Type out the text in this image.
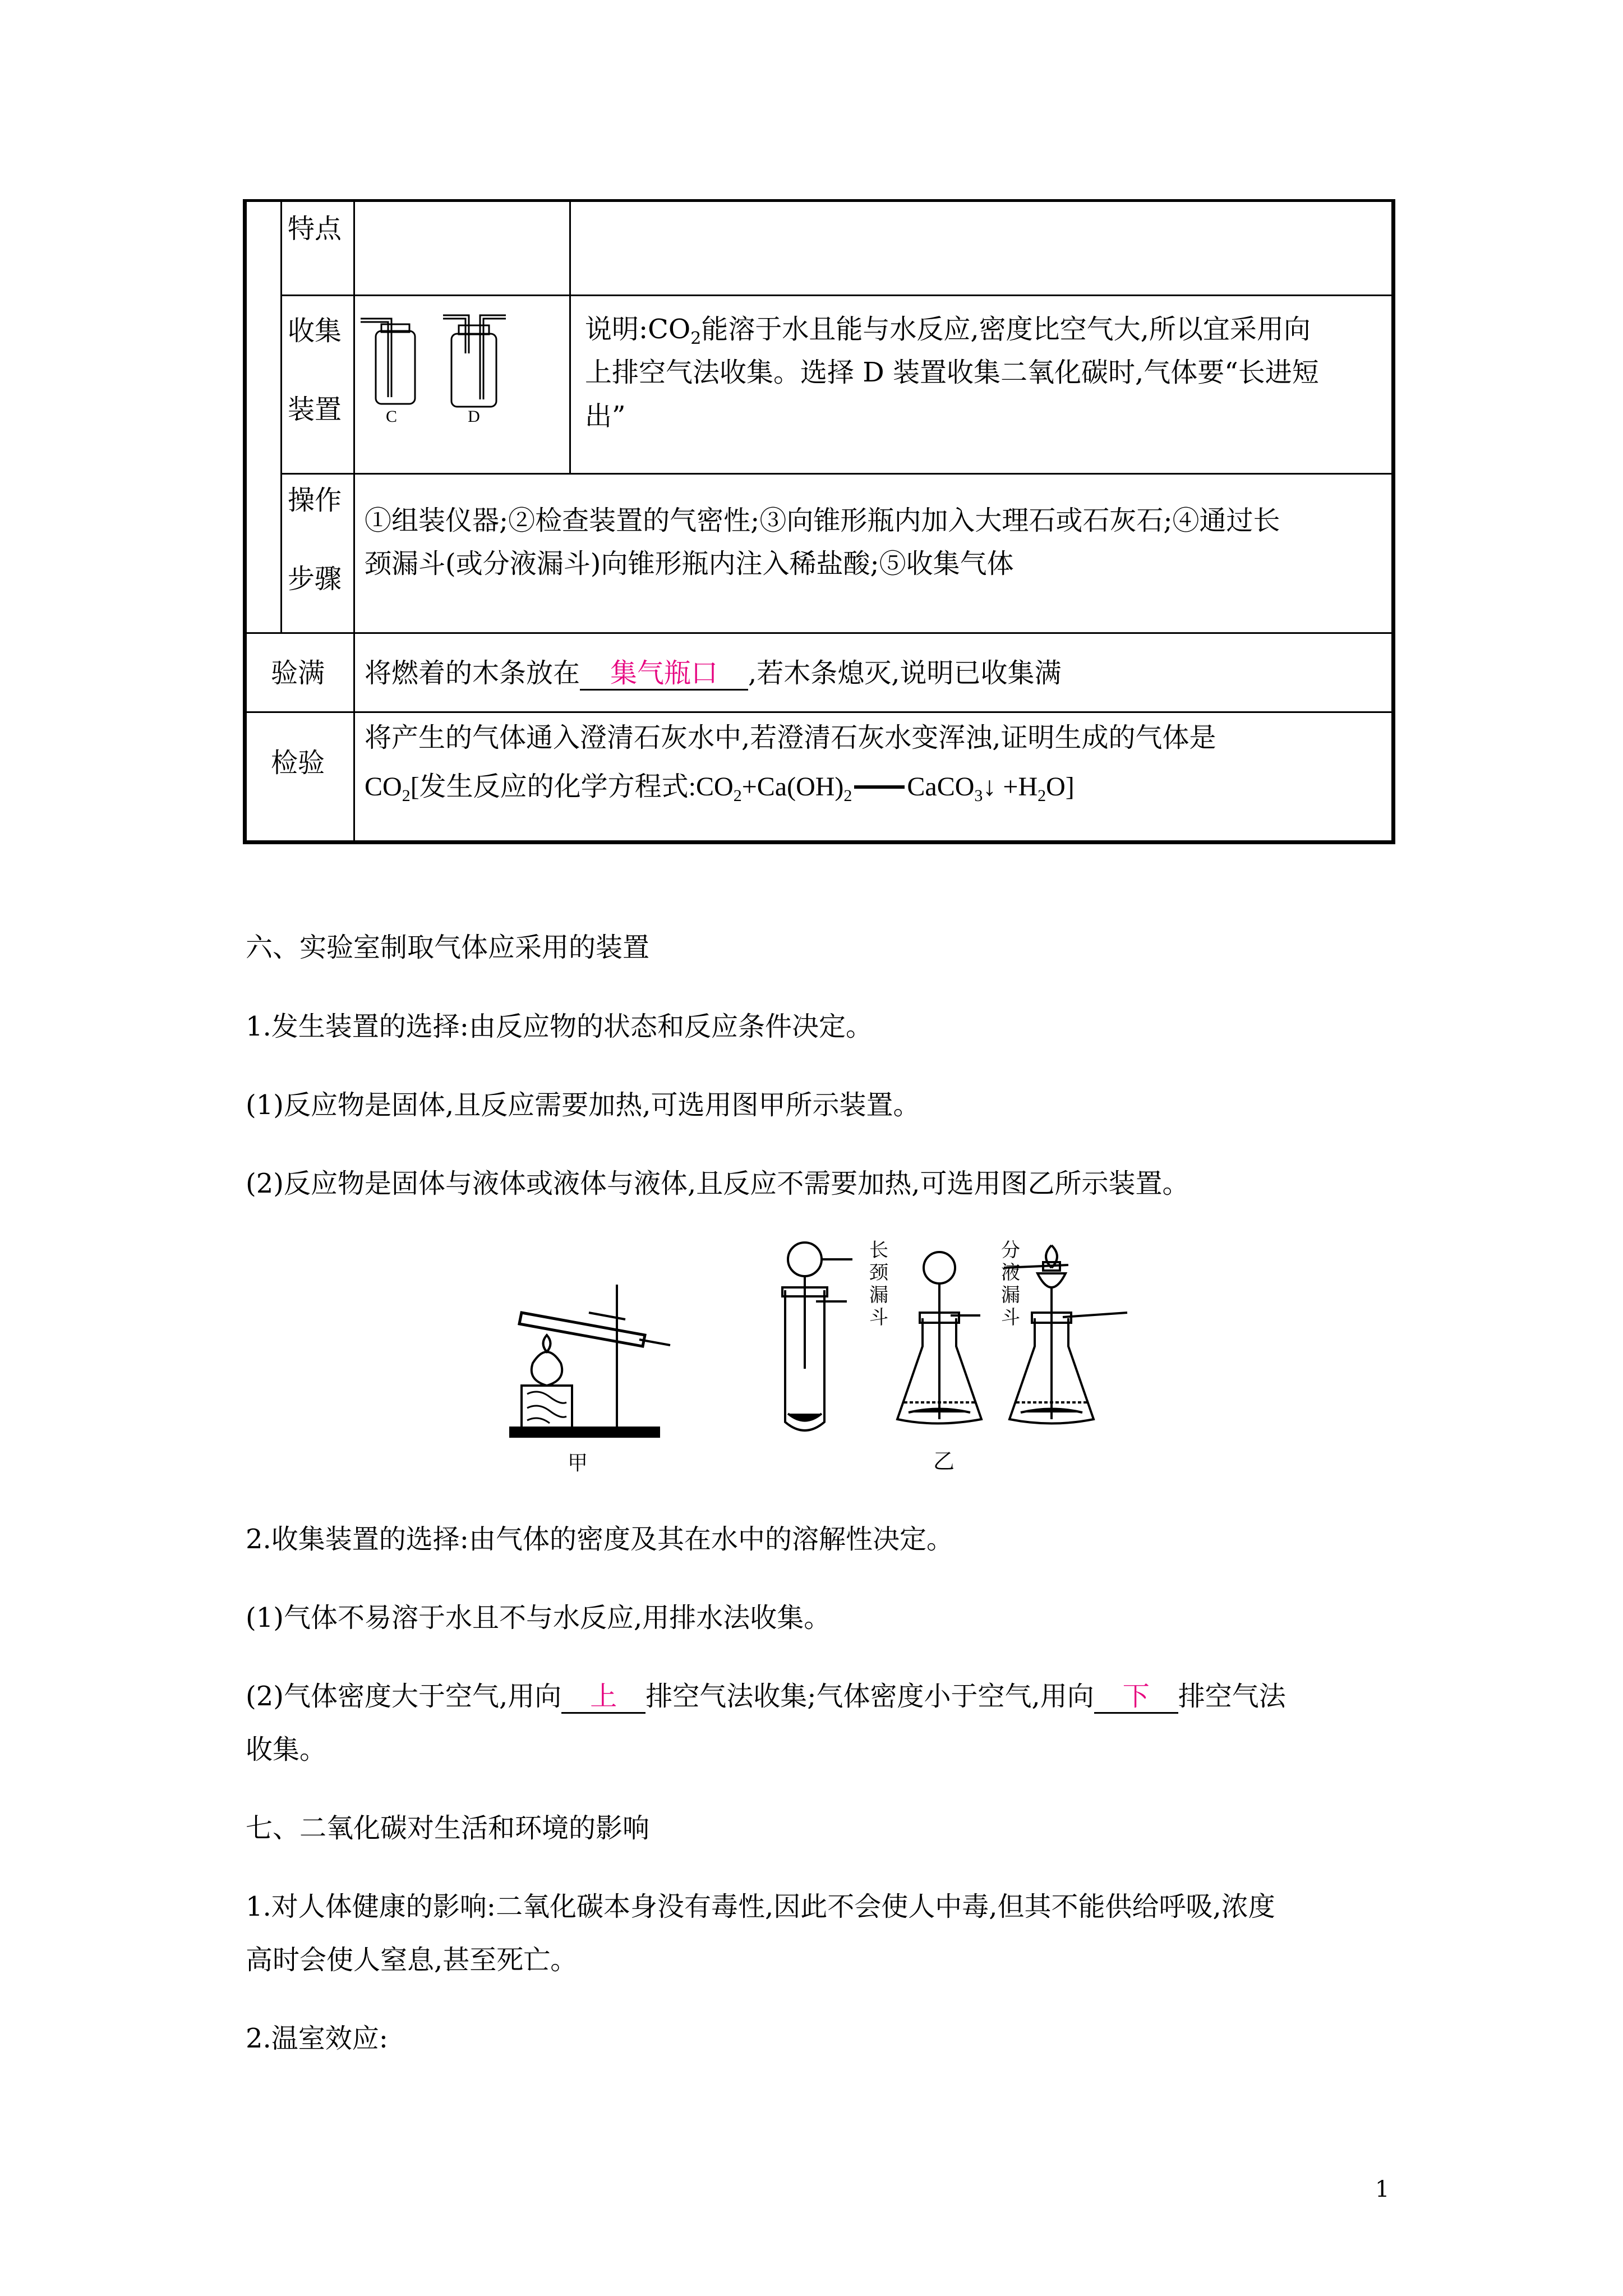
特点
收集
装置	C	D
说明$:CO_2$能溶于水且能与水反应,密度比空气大,所以宜采用向
上排空气法收集。选择 D 装置收集二氧化碳时,气体要“长进短
出”
操作
步骤
①组装仪器;②检查装置的气密性;③向锥形瓶内加入大理石或石灰石;④通过长
颈漏斗(或分液漏斗)向锥形瓶内注入稀盐酸;⑤收集气体
验满 将燃着的木条放在 集气瓶口 ,若木条熄灭,说明已收集满
检验
将产生的气体通入澄清石灰水中,若澄清石灰水变浑浊,证明生成的气体是
$CO_2$[发生反应的化学方程式$:CO_2+Ca(OH)_2$ CaCO$_3$↓ $+H_2O$]
六、实验室制取气体应采用的装置
1.发生装置的选择:由反应物的状态和反应条件决定。
(1)反应物是固体,且反应需要加热,可选用图甲所示装置。
(2)反应物是固体与液体或液体与液体,且反应不需要加热,可选用图乙所示装置。
甲
长
颈
漏
斗
分
液
漏
斗
乙
2.收集装置的选择:由气体的密度及其在水中的溶解性决定。
(1)气体不易溶于水且不与水反应,用排水法收集。
(2)气体密度大于空气,用向 上 排空气法收集;气体密度小于空气,用向 下 排空气法
收集。
七、二氧化碳对生活和环境的影响
1.对人体健康的影响:二氧化碳本身没有毒性,因此不会使人中毒,但其不能供给呼吸,浓度
高时会使人窒息,甚至死亡。
2.温室效应:
1
